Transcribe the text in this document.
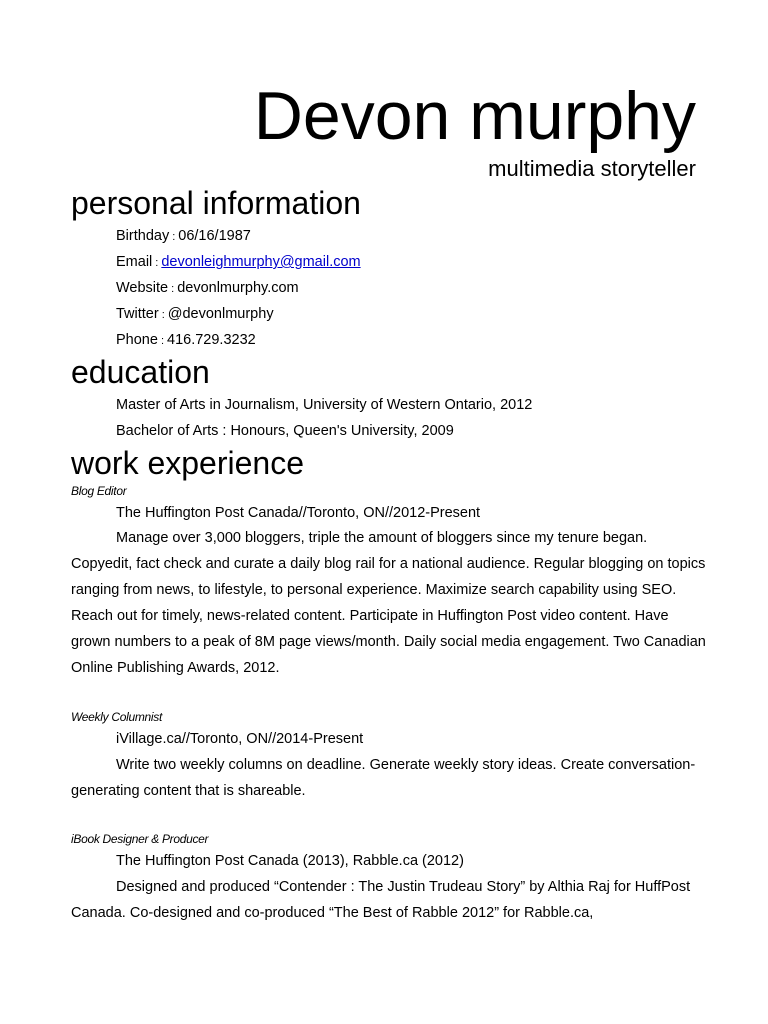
Devon murphy
multimedia storyteller
personal information
Birthday : 06/16/1987
Email : devonleighmurphy@gmail.com
Website : devonlmurphy.com
Twitter : @devonlmurphy
Phone : 416.729.3232
education
Master of Arts in Journalism, University of Western Ontario, 2012
Bachelor of Arts : Honours, Queen's University, 2009
work experience
Blog Editor
The Huffington Post Canada//Toronto, ON//2012-Present
Manage over 3,000 bloggers, triple the amount of bloggers since my tenure began. Copyedit, fact check and curate a daily blog rail for a national audience. Regular blogging on topics ranging from news, to lifestyle, to personal experience. Maximize search capability using SEO. Reach out for timely, news-related content. Participate in Huffington Post video content. Have grown numbers to a peak of 8M page views/month. Daily social media engagement. Two Canadian Online Publishing Awards, 2012.
Weekly Columnist
iVillage.ca//Toronto, ON//2014-Present
Write two weekly columns on deadline. Generate weekly story ideas. Create conversation-generating content that is shareable.
iBook Designer & Producer
The Huffington Post Canada (2013), Rabble.ca (2012)
Designed and produced “Contender : The Justin Trudeau Story” by Althia Raj for HuffPost Canada. Co-designed and co-produced “The Best of Rabble 2012” for Rabble.ca,
